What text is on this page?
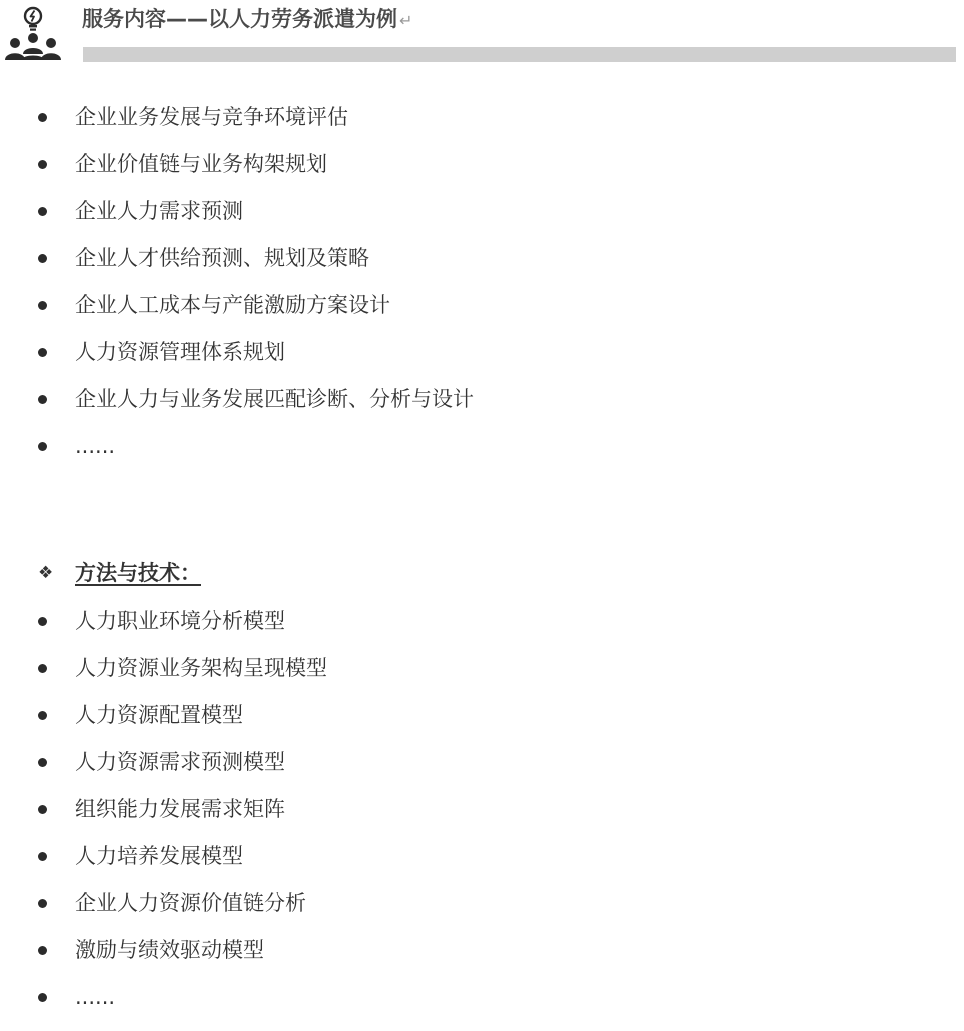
服务内容——以人力劳务派遣为例 ↵
企业业务发展与竞争环境评估
企业价值链与业务构架规划
企业人力需求预测
企业人才供给预测、规划及策略
企业人工成本与产能激励方案设计
人力资源管理体系规划
企业人力与业务发展匹配诊断、分析与设计
......
❖	方法与技术：
人力职业环境分析模型
人力资源业务架构呈现模型
人力资源配置模型
人力资源需求预测模型
组织能力发展需求矩阵
人力培养发展模型
企业人力资源价值链分析
激励与绩效驱动模型
......
